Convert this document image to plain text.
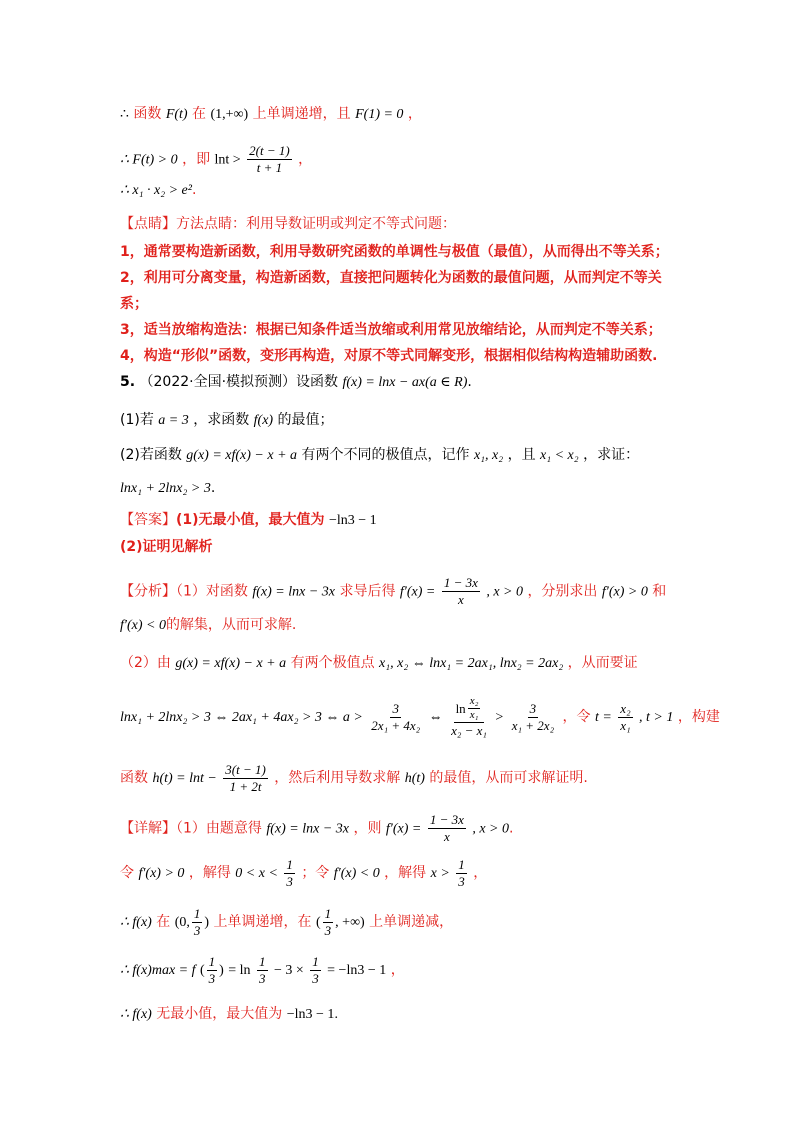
∴ 函数 F(t) 在 (1,+∞) 上单调递增，且 F(1) = 0 ，
∴ F(t) > 0 ，即 $\ln t > \frac{2(t - 1)}{t + 1}$ ，
∴ x₁ · x₂ > e².
【点睛】方法点睛：利用导数证明或判定不等式问题：
1，通常要构造新函数，利用导数研究函数的单调性与极值（最值），从而得出不等关系；
2，利用可分离变量，构造新函数，直接把问题转化为函数的最值问题，从而判定不等关
系；
3，适当放缩构造法：根据已知条件适当放缩或利用常见放缩结论，从而判定不等关系；
4，构造“形似”函数，变形再构造，对原不等式同解变形，根据相似结构构造辅助函数.
5. （2022·全国·模拟预测）设函数 f(x) = lnx − ax(a ∈ R).
(1)若 a = 3 ，求函数 f(x) 的最值；
(2)若函数 g(x) = xf(x) − x + a 有两个不同的极值点，记作 x₁, x₂ ，且 x₁ < x₂ ，求证：
lnx₁ + 2lnx₂ > 3.
【答案】(1)无最小值，最大值为 −ln3 − 1
(2)证明见解析
【分析】（1）对函数 f(x) = lnx − 3x 求导后得 $f'(x) = \frac{1 - 3x}{x}$ , x > 0 ，分别求出 f′(x) > 0 和
f′(x) < 0的解集，从而可求解.
（2）由 g(x) = xf(x) − x + a 有两个极值点 x₁, x₂ ⇔ lnx₁ = 2ax₁, lnx₂ = 2ax₂ ，从而要证
lnx₁ + 2lnx₂ > 3 ⇔ 2ax₁ + 4ax₂ > 3 ⇔ $a > \frac{3}{\text{2x₁ + 4x₂}}$ ⇔ $\frac{\ln \frac{\text{x₂}}{\text{x₁}}}{\text{x₂ − x₁}} > \frac{3}{\text{x₁ + 2x₂}}$ ，令 $t = \frac{\text{x₂}}{\text{x₁}}$ , t > 1 ，构建
函数 $h(t) = \ln t - \frac{3(t - 1)}{1 + 2t}$ ，然后利用导数求解 h(t) 的最值，从而可求解证明.
【详解】（1）由题意得 f(x) = lnx − 3x ，则 $f'(x) = \frac{1 - 3x}{x}$ , x > 0.
令 f′(x) > 0 ，解得 $0 < x < \frac{1}{3}$ ；令 f′(x) < 0 ，解得 $x > \frac{1}{3}$ ，
∴ f(x) 在 (0, $\frac{1}{3}$ ) 上单调递增，在 ( $\frac{1}{3}$ , +∞) 上单调递减，
∴ f(x)max = f ( $\frac{1}{3}$ ) = $\ln \frac{1}{3} - 3 \times \frac{1}{3} = -\ln 3 - 1$ ，
∴ f(x) 无最小值，最大值为 −ln3 − 1.
